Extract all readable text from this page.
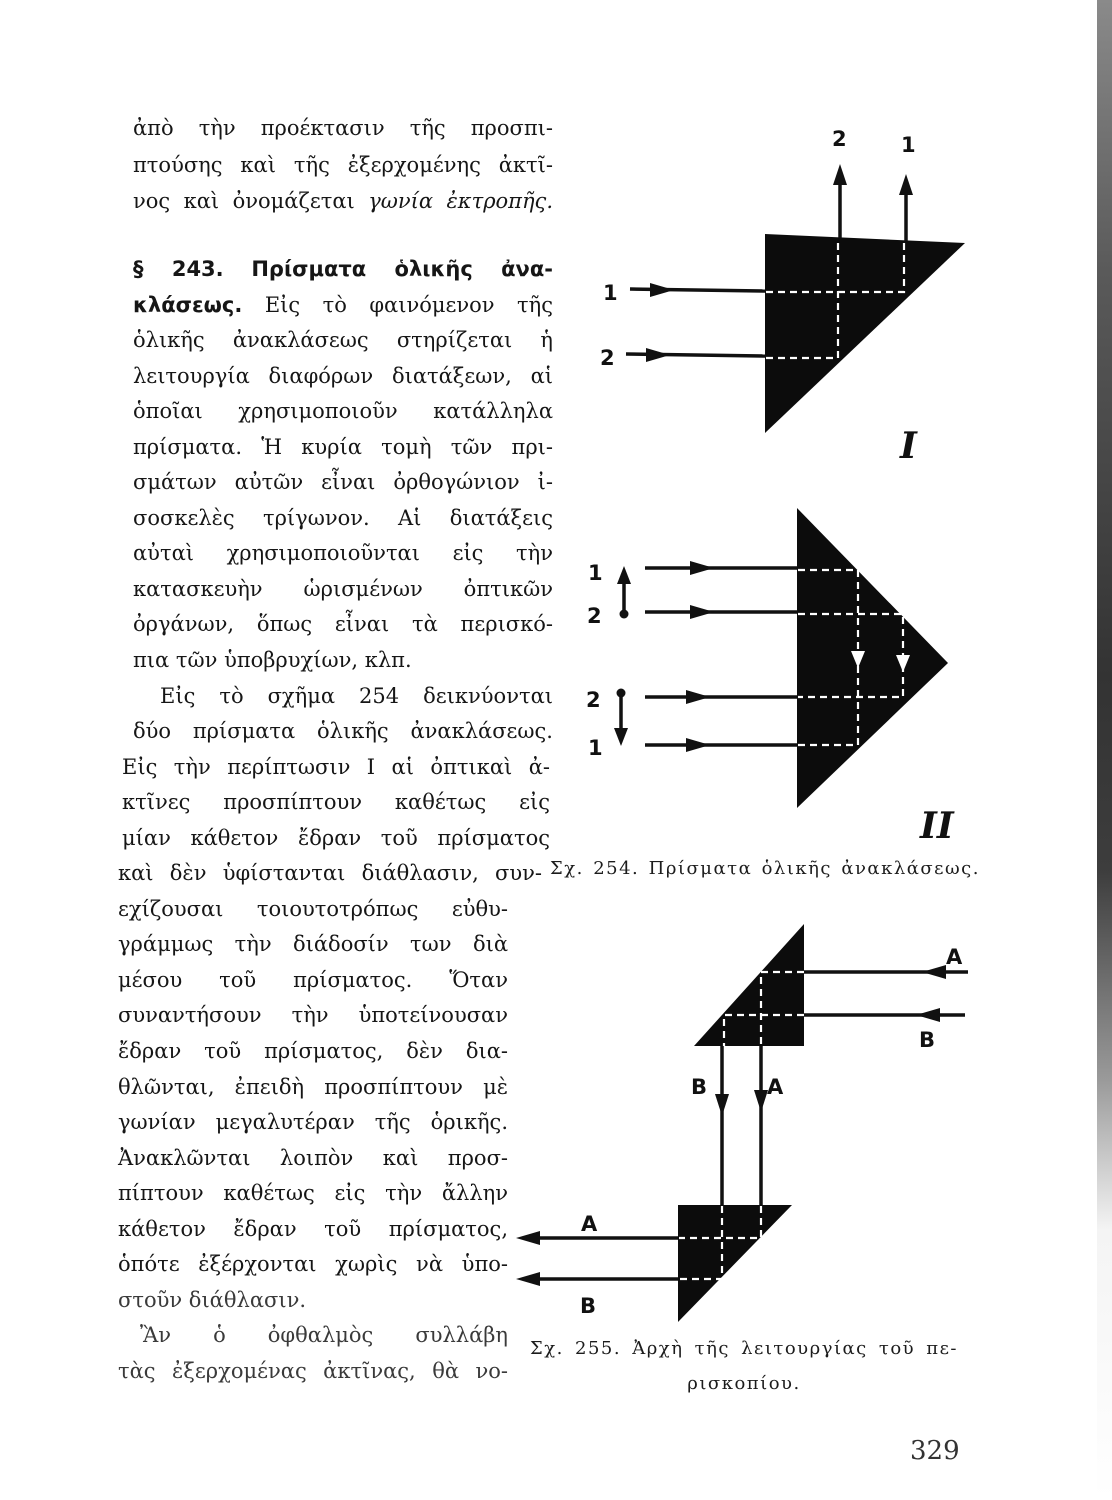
ἀπὸ τὴν προέκτασιν τῆς προσπι-
πτούσης καὶ τῆς ἐξερχομένης ἀκτῖ-
νος καὶ ὀνομάζεται γωνία ἐκτροπῆς.
§ 243. Πρίσματα ὁλικῆς ἀνα-
κλάσεως. Εἰς τὸ φαινόμενον τῆς
ὁλικῆς ἀνακλάσεως στηρίζεται ἡ
λειτουργία διαφόρων διατάξεων, αἱ
ὁποῖαι χρησιμοποιοῦν κατάλληλα
πρίσματα. Ἡ κυρία τομὴ τῶν πρι-
σμάτων αὐτῶν εἶναι ὀρθογώνιον ἰ-
σοσκελὲς τρίγωνον. Αἱ διατάξεις
αὐταὶ χρησιμοποιοῦνται εἰς τὴν
κατασκευὴν ὡρισμένων ὀπτικῶν
ὀργάνων, ὅπως εἶναι τὰ περισκό-
πια τῶν ὑποβρυχίων, κλπ.
Εἰς τὸ σχῆμα 254 δεικνύονται
δύο πρίσματα ὁλικῆς ἀνακλάσεως.
Εἰς τὴν περίπτωσιν I αἱ ὀπτικαὶ ἀ-
κτῖνες προσπίπτουν καθέτως εἰς
μίαν κάθετον ἔδραν τοῦ πρίσματος
καὶ δὲν ὑφίστανται διάθλασιν, συν-
εχίζουσαι τοιουτοτρόπως εὐθυ-
γράμμως τὴν διάδοσίν των διὰ
μέσου τοῦ πρίσματος. Ὅταν
συναντήσουν τὴν ὑποτείνουσαν
ἔδραν τοῦ πρίσματος, δὲν δια-
θλῶνται, ἐπειδὴ προσπίπτουν μὲ
γωνίαν μεγαλυτέραν τῆς ὁρικῆς.
Ἀνακλῶνται λοιπὸν καὶ προσ-
πίπτουν καθέτως εἰς τὴν ἄλλην
κάθετον ἔδραν τοῦ πρίσματος,
ὁπότε ἐξέρχονται χωρὶς νὰ ὑπο-
στοῦν διάθλασιν.
Ἂν ὁ ὀφθαλμὸς συλλάβη
τὰς ἐξερχομένας ἀκτῖνας, θὰ νο-
1
2
2	1
I
1
2
2
1
II
A
B
B	A
A
B
Σχ. 254. Πρίσματα ὁλικῆς ἀνακλάσεως.
Σχ. 255. Ἀρχὴ τῆς λειτουργίας τοῦ πε-
ρισκοπίου.
329
